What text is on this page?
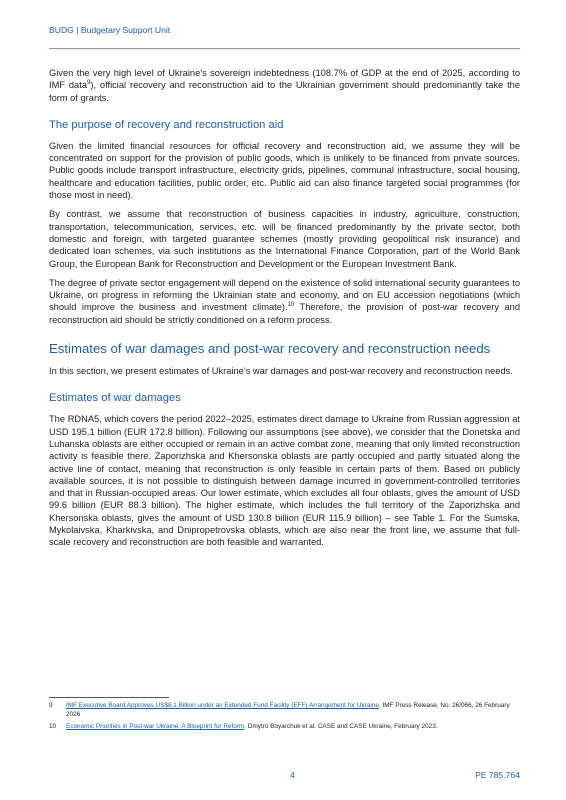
BUDG | Budgetary Support Unit

Given the very high level of Ukraine’s sovereign indebtedness (108.7% of GDP at the end of 2025, according to IMF data$^9$), official recovery and reconstruction aid to the Ukrainian government should predominantly take the form of grants.

The purpose of recovery and reconstruction aid

Given the limited financial resources for official recovery and reconstruction aid, we assume they will be concentrated on support for the provision of public goods, which is unlikely to be financed from private sources. Public goods include transport infrastructure, electricity grids, pipelines, communal infrastructure, social housing, healthcare and education facilities, public order, etc. Public aid can also finance targeted social programmes (for those most in need).

By contrast, we assume that reconstruction of business capacities in industry, agriculture, construction, transportation, telecommunication, services, etc. will be financed predominantly by the private sector, both domestic and foreign, with targeted guarantee schemes (mostly providing geopolitical risk insurance) and dedicated loan schemes, via such institutions as the International Finance Corporation, part of the World Bank Group, the European Bank for Reconstruction and Development or the European Investment Bank.

The degree of private sector engagement will depend on the existence of solid international security guarantees to Ukraine, on progress in reforming the Ukrainian state and economy, and on EU accession negotiations (which should improve the business and investment climate).$^{10}$ Therefore, the provision of post-war recovery and reconstruction aid should be strictly conditioned on a reform process.

Estimates of war damages and post-war recovery and reconstruction needs

In this section, we present estimates of Ukraine’s war damages and post-war recovery and reconstruction needs.

Estimates of war damages

The RDNA5, which covers the period 2022–2025, estimates direct damage to Ukraine from Russian aggression at USD 195.1 billion (EUR 172.8 billion). Following our assumptions (see above), we consider that the Donetska and Luhanska oblasts are either occupied or remain in an active combat zone, meaning that only limited reconstruction activity is feasible there. Zaporizhska and Khersonska oblasts are partly occupied and partly situated along the active line of contact, meaning that reconstruction is only feasible in certain parts of them. Based on publicly available sources, it is not possible to distinguish between damage incurred in government-controlled territories and that in Russian-occupied areas. Our lower estimate, which excludes all four oblasts, gives the amount of USD 99.6 billion (EUR 88.3 billion). The higher estimate, which includes the full territory of the Zaporizhska and Khersonska oblasts, gives the amount of USD 130.8 billion (EUR 115.9 billion) – see Table 1. For the Sumska, Mykolaivska, Kharkivska, and Dnipropetrovska oblasts, which are also near the front line, we assume that full-scale recovery and reconstruction are both feasible and warranted.

9 IMF Executive Board Approves US$8.1 Billion under an Extended Fund Facility (EFF) Arrangement for Ukraine, IMF Press Release, No. 26/066, 26 February 2026
10 Economic Priorities in Post-war Ukraine: A Blueprint for Reform, Dmytro Boyarchuk et al. CASE and CASE Ukraine, February 2023.
4	PE 785.764
